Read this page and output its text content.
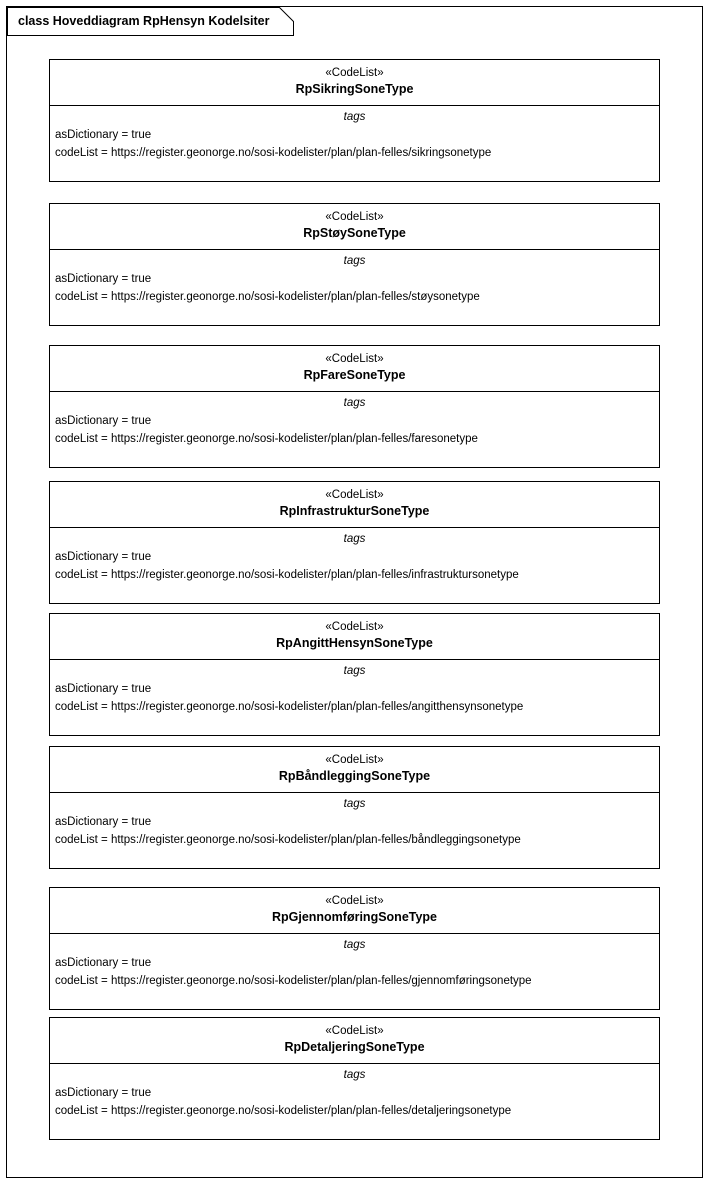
class Hoveddiagram RpHensyn Kodelsiter
«CodeList»
RpSikringSoneType
tags
asDictionary = true
codeList = https://register.geonorge.no/sosi-kodelister/plan/plan-felles/sikringsonetype
«CodeList»
RpStøySoneType
tags
asDictionary = true
codeList = https://register.geonorge.no/sosi-kodelister/plan/plan-felles/støysonetype
«CodeList»
RpFareSoneType
tags
asDictionary = true
codeList = https://register.geonorge.no/sosi-kodelister/plan/plan-felles/faresonetype
«CodeList»
RpInfrastrukturSoneType
tags
asDictionary = true
codeList = https://register.geonorge.no/sosi-kodelister/plan/plan-felles/infrastruktursonetype
«CodeList»
RpAngittHensynSoneType
tags
asDictionary = true
codeList = https://register.geonorge.no/sosi-kodelister/plan/plan-felles/angitthensynsonetype
«CodeList»
RpBåndleggingSoneType
tags
asDictionary = true
codeList = https://register.geonorge.no/sosi-kodelister/plan/plan-felles/båndleggingsonetype
«CodeList»
RpGjennomføringSoneType
tags
asDictionary = true
codeList = https://register.geonorge.no/sosi-kodelister/plan/plan-felles/gjennomføringsonetype
«CodeList»
RpDetaljeringSoneType
tags
asDictionary = true
codeList = https://register.geonorge.no/sosi-kodelister/plan/plan-felles/detaljeringsonetype
